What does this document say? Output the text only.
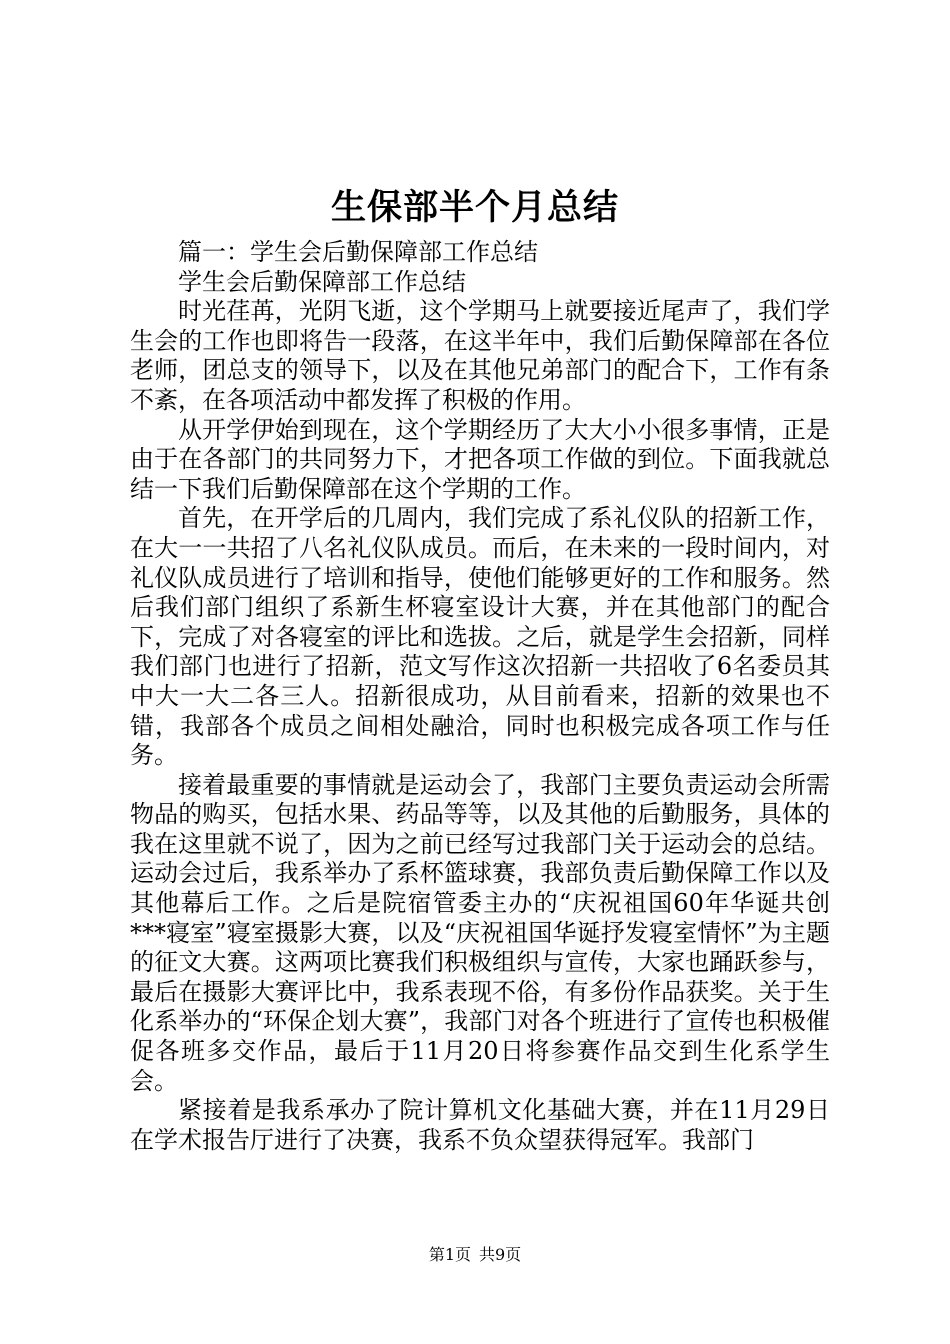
生保部半个月总结

篇一：学生会后勤保障部工作总结

学生会后勤保障部工作总结

时光荏苒，光阴飞逝，这个学期马上就要接近尾声了，我们学生会的工作也即将告一段落，在这半年中，我们后勤保障部在各位老师，团总支的领导下，以及在其他兄弟部门的配合下，工作有条不紊，在各项活动中都发挥了积极的作用。

从开学伊始到现在，这个学期经历了大大小小很多事情，正是由于在各部门的共同努力下，才把各项工作做的到位。下面我就总结一下我们后勤保障部在这个学期的工作。

首先，在开学后的几周内，我们完成了系礼仪队的招新工作，在大一一共招了八名礼仪队成员。而后，在未来的一段时间内，对礼仪队成员进行了培训和指导，使他们能够更好的工作和服务。然后我们部门组织了系新生杯寝室设计大赛，并在其他部门的配合下，完成了对各寝室的评比和选拔。之后，就是学生会招新，同样我们部门也进行了招新，范文写作这次招新一共招收了6名委员其中大一大二各三人。招新很成功，从目前看来，招新的效果也不错，我部各个成员之间相处融洽，同时也积极完成各项工作与任务。

接着最重要的事情就是运动会了，我部门主要负责运动会所需物品的购买，包括水果、药品等等，以及其他的后勤服务，具体的我在这里就不说了，因为之前已经写过我部门关于运动会的总结。运动会过后，我系举办了系杯篮球赛，我部负责后勤保障工作以及其他幕后工作。之后是院宿管委主办的“庆祝祖国60年华诞共创***寝室”寝室摄影大赛，以及“庆祝祖国华诞抒发寝室情怀”为主题的征文大赛。这两项比赛我们积极组织与宣传，大家也踊跃参与，最后在摄影大赛评比中，我系表现不俗，有多份作品获奖。关于生化系举办的“环保企划大赛”，我部门对各个班进行了宣传也积极催促各班多交作品，最后于11月20日将参赛作品交到生化系学生会。

紧接着是我系承办了院计算机文化基础大赛，并在11月29日在学术报告厅进行了决赛，我系不负众望获得冠军。我部门

第1页 共9页
